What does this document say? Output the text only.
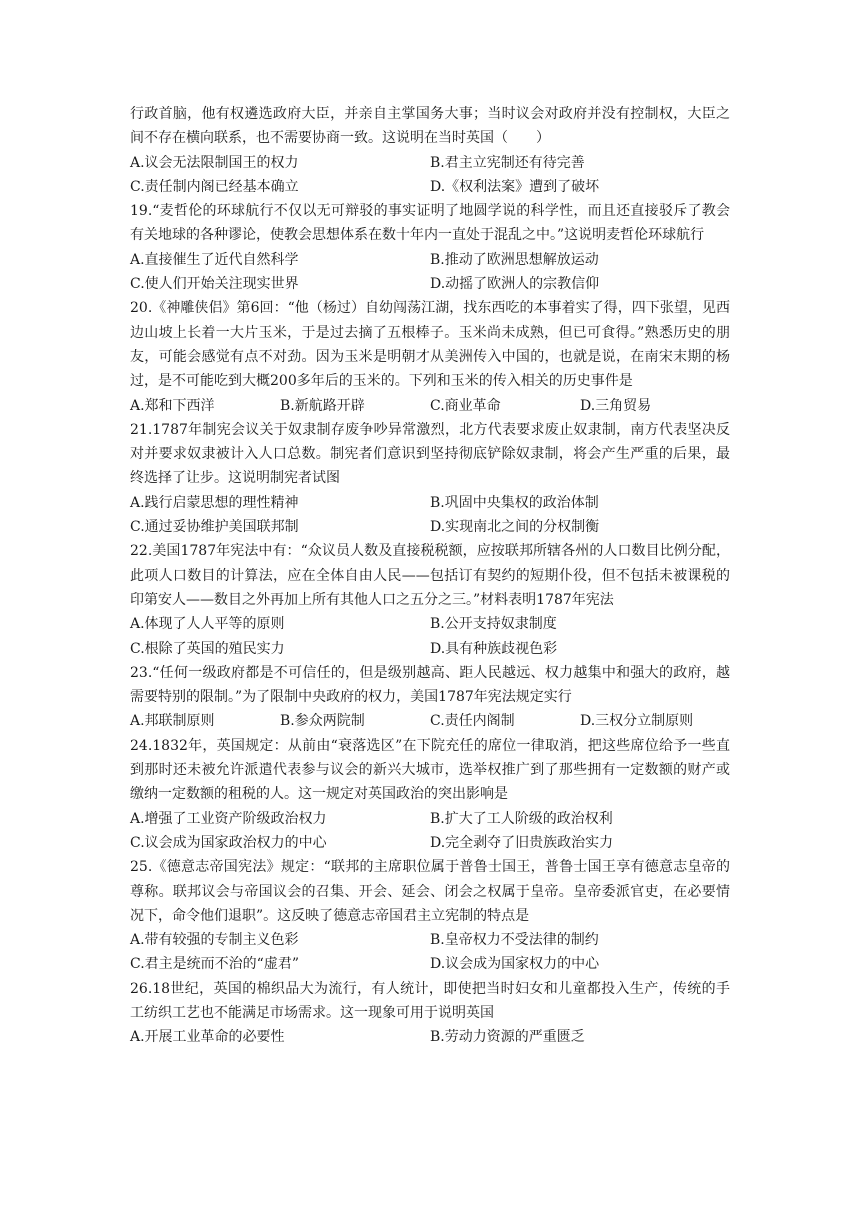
行政首脑，他有权遴选政府大臣，并亲自主掌国务大事；当时议会对政府并没有控制权，大臣之间不存在横向联系，也不需要协商一致。这说明在当时英国（　　）

A.议会无法限制国王的权力	B.君主立宪制还有待完善
C.责任制内阁已经基本确立	D.《权利法案》遭到了破坏

19.“麦哲伦的环球航行不仅以无可辩驳的事实证明了地圆学说的科学性，而且还直接驳斥了教会有关地球的各种谬论，使教会思想体系在数十年内一直处于混乱之中。”这说明麦哲伦环球航行

A.直接催生了近代自然科学	B.推动了欧洲思想解放运动
C.使人们开始关注现实世界	D.动摇了欧洲人的宗教信仰

20.《神雕侠侣》第6回：“他（杨过）自幼闯荡江湖，找东西吃的本事着实了得，四下张望，见西边山坡上长着一大片玉米，于是过去摘了五根棒子。玉米尚未成熟，但已可食得。”熟悉历史的朋友，可能会感觉有点不对劲。因为玉米是明朝才从美洲传入中国的，也就是说，在南宋末期的杨过，是不可能吃到大概200多年后的玉米的。下列和玉米的传入相关的历史事件是

A.郑和下西洋	B.新航路开辟	C.商业革命	D.三角贸易

21.1787年制宪会议关于奴隶制存废争吵异常激烈，北方代表要求废止奴隶制，南方代表坚决反对并要求奴隶被计入人口总数。制宪者们意识到坚持彻底铲除奴隶制，将会产生严重的后果，最终选择了让步。这说明制宪者试图

A.践行启蒙思想的理性精神	B.巩固中央集权的政治体制
C.通过妥协维护美国联邦制	D.实现南北之间的分权制衡

22.美国1787年宪法中有：“众议员人数及直接税税额，应按联邦所辖各州的人口数目比例分配，此项人口数目的计算法，应在全体自由人民——包括订有契约的短期仆役，但不包括未被课税的印第安人——数目之外再加上所有其他人口之五分之三。”材料表明1787年宪法

A.体现了人人平等的原则	B.公开支持奴隶制度
C.根除了英国的殖民实力	D.具有种族歧视色彩

23.“任何一级政府都是不可信任的，但是级别越高、距人民越远、权力越集中和强大的政府，越需要特别的限制。”为了限制中央政府的权力，美国1787年宪法规定实行

A.邦联制原则	B.参众两院制	C.责任内阁制	D.三权分立制原则

24.1832年，英国规定：从前由“衰落选区”在下院充任的席位一律取消，把这些席位给予一些直到那时还未被允许派遣代表参与议会的新兴大城市，选举权推广到了那些拥有一定数额的财产或缴纳一定数额的租税的人。这一规定对英国政治的突出影响是

A.增强了工业资产阶级政治权力	B.扩大了工人阶级的政治权利
C.议会成为国家政治权力的中心	D.完全剥夺了旧贵族政治实力

25.《德意志帝国宪法》规定：“联邦的主席职位属于普鲁士国王，普鲁士国王享有德意志皇帝的尊称。联邦议会与帝国议会的召集、开会、延会、闭会之权属于皇帝。皇帝委派官吏，在必要情况下，命令他们退职”。这反映了德意志帝国君主立宪制的特点是

A.带有较强的专制主义色彩	B.皇帝权力不受法律的制约
C.君主是统而不治的“虚君”	D.议会成为国家权力的中心

26.18世纪，英国的棉织品大为流行，有人统计，即使把当时妇女和儿童都投入生产，传统的手工纺织工艺也不能满足市场需求。这一现象可用于说明英国

A.开展工业革命的必要性	B.劳动力资源的严重匮乏
